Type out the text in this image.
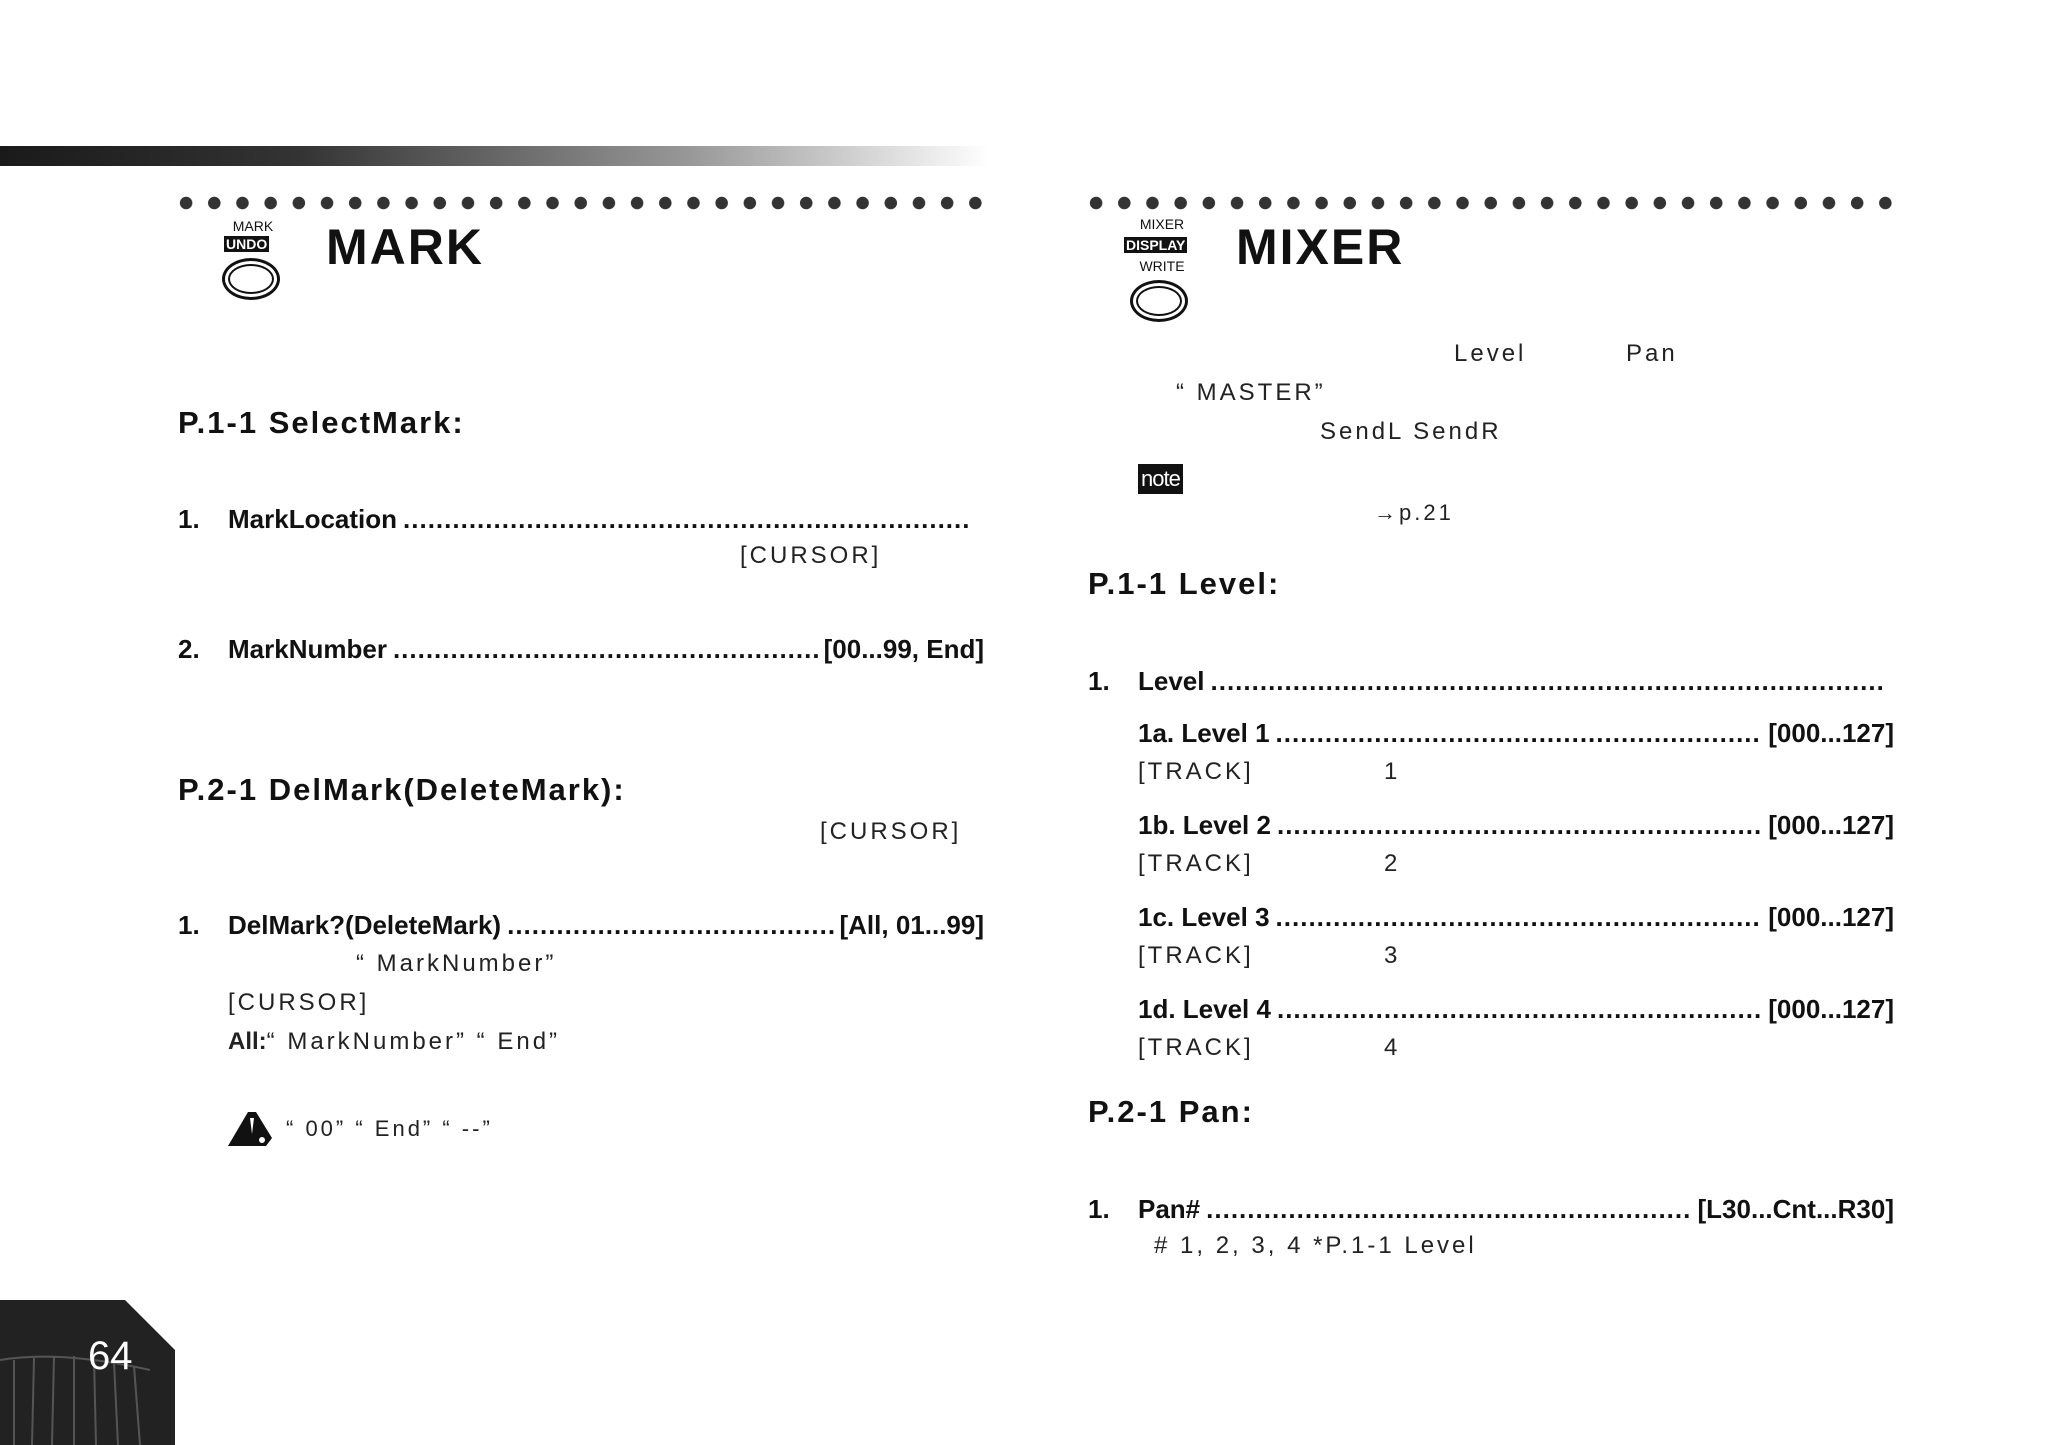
MARK
UNDO MARK
P.1-1 SelectMark:
1.	MarkLocation
.....
[CURSOR]
2.	MarkNumber .....	[00...99, End]
P.2-1 DelMark(DeleteMark):
[CURSOR]
1.	DelMark?(DeleteMark) .....	[All, 01...99]
“ MarkNumber”
[CURSOR]
All:“ MarkNumber” “ End”
“ 00” “ End” “ --”
MIXER
DISPLAY
WRITE	MIXER
Level	Pan
“ MASTER”
SendL SendR
note
→p.21
P.1-1 Level:
1.	Level
.....
1a. Level 1 .....	[000...127]
[TRACK]	1
1b. Level 2 .....	[000...127]
[TRACK]	2
1c. Level 3 .....	[000...127]
[TRACK]	3
1d. Level 4 .....	[000...127]
[TRACK]	4
P.2-1 Pan:
1.	Pan# .....	[L30...Cnt...R30]
# 1, 2, 3, 4 *P.1-1 Level
64
